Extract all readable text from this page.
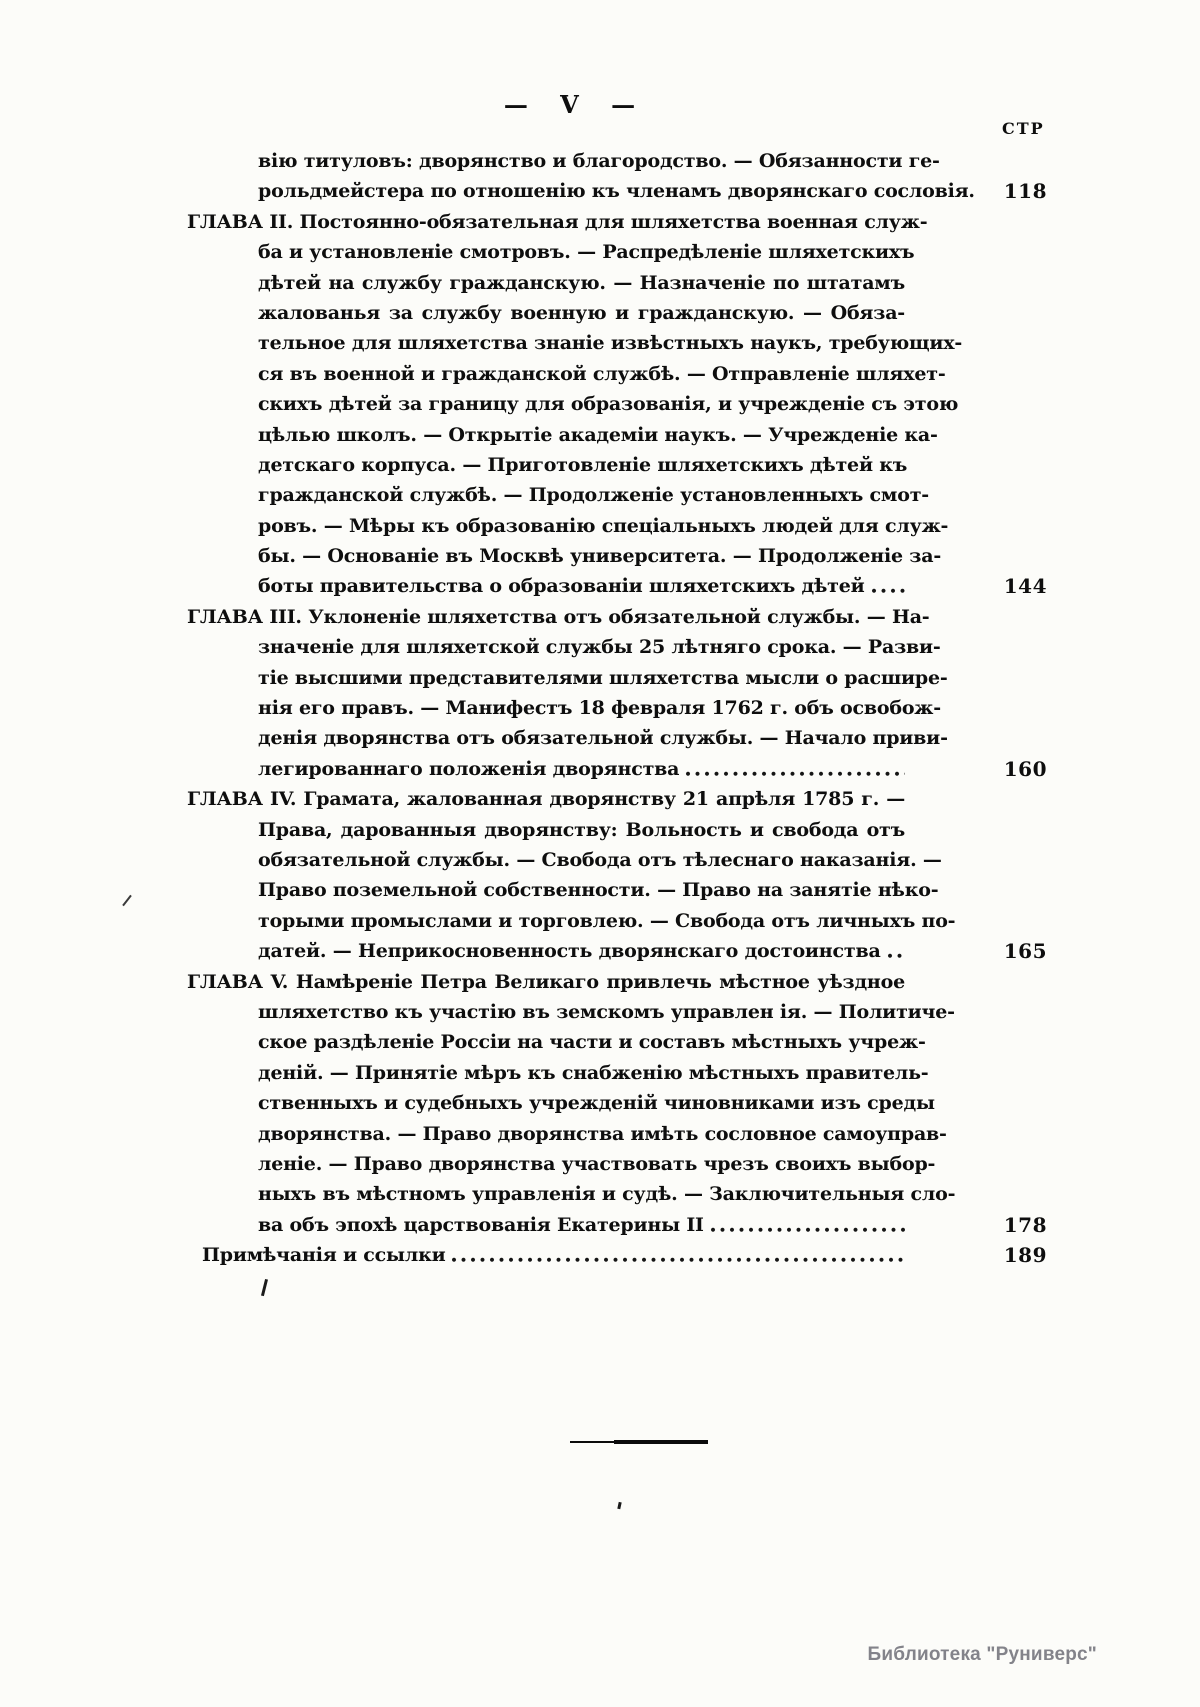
— V —
СТР
вію титуловъ: дворянство и благородство. — Обязанности ге-
рольдмейстера по отношенію къ членамъ дворянскаго сословія. 118
ГЛАВА II. Постоянно-обязательная для шляхетства военная служ-
ба и установленіе смотровъ. — Распредѣленіе шляхетскихъ
дѣтей на службу гражданскую. — Назначеніе по штатамъ
жалованья за службу военную и гражданскую. — Обяза-
тельное для шляхетства знаніе извѣстныхъ наукъ, требующих-
ся въ военной и гражданской службѣ. — Отправленіе шляхет-
скихъ дѣтей за границу для образованія, и учрежденіе съ этою
цѣлью школъ. — Открытіе академіи наукъ. — Учрежденіе ка-
детскаго корпуса. — Приготовленіе шляхетскихъ дѣтей къ
гражданской службѣ. — Продолженіе установленныхъ смот-
ровъ. — Мѣры къ образованію спеціальныхъ людей для служ-
бы. — Основаніе въ Москвѣ университета. — Продолженіе за-
боты правительства о образованіи шляхетскихъ дѣтей	144
ГЛАВА III. Уклоненіе шляхетства отъ обязательной службы. — На-
значеніе для шляхетской службы 25 лѣтняго срока. — Разви-
тіе высшими представителями шляхетства мысли о расшире-
нія его правъ. — Манифестъ 18 февраля 1762 г. объ освобож-
денія дворянства отъ обязательной службы. — Начало приви-
легированнаго положенія дворянства	160
ГЛАВА IV. Грамата, жалованная дворянству 21 апрѣля 1785 г. —
Права, дарованныя дворянству: Вольность и свобода отъ
обязательной службы. — Свобода отъ тѣлеснаго наказанія. —
Право поземельной собственности. — Право на занятіе нѣко-
торыми промыслами и торговлею. — Свобода отъ личныхъ по-
датей. — Неприкосновенность дворянскаго достоинства	165
ГЛАВА V. Намѣреніе Петра Великаго привлечь мѣстное уѣздное
шляхетство къ участію въ земскомъ управлен ія. — Политиче-
ское раздѣленіе Россіи на части и составъ мѣстныхъ учреж-
деній. — Принятіе мѣръ къ снабженію мѣстныхъ правитель-
ственныхъ и судебныхъ учрежденій чиновниками изъ среды
дворянства. — Право дворянства имѣть сословное самоуправ-
леніе. — Право дворянства участвовать чрезъ своихъ выбор-
ныхъ въ мѣстномъ управленія и судѣ. — Заключительныя сло-
ва объ эпохѣ царствованія Екатерины II	178
Примѣчанія и ссылки	189
Библиотека "Руниверс"
